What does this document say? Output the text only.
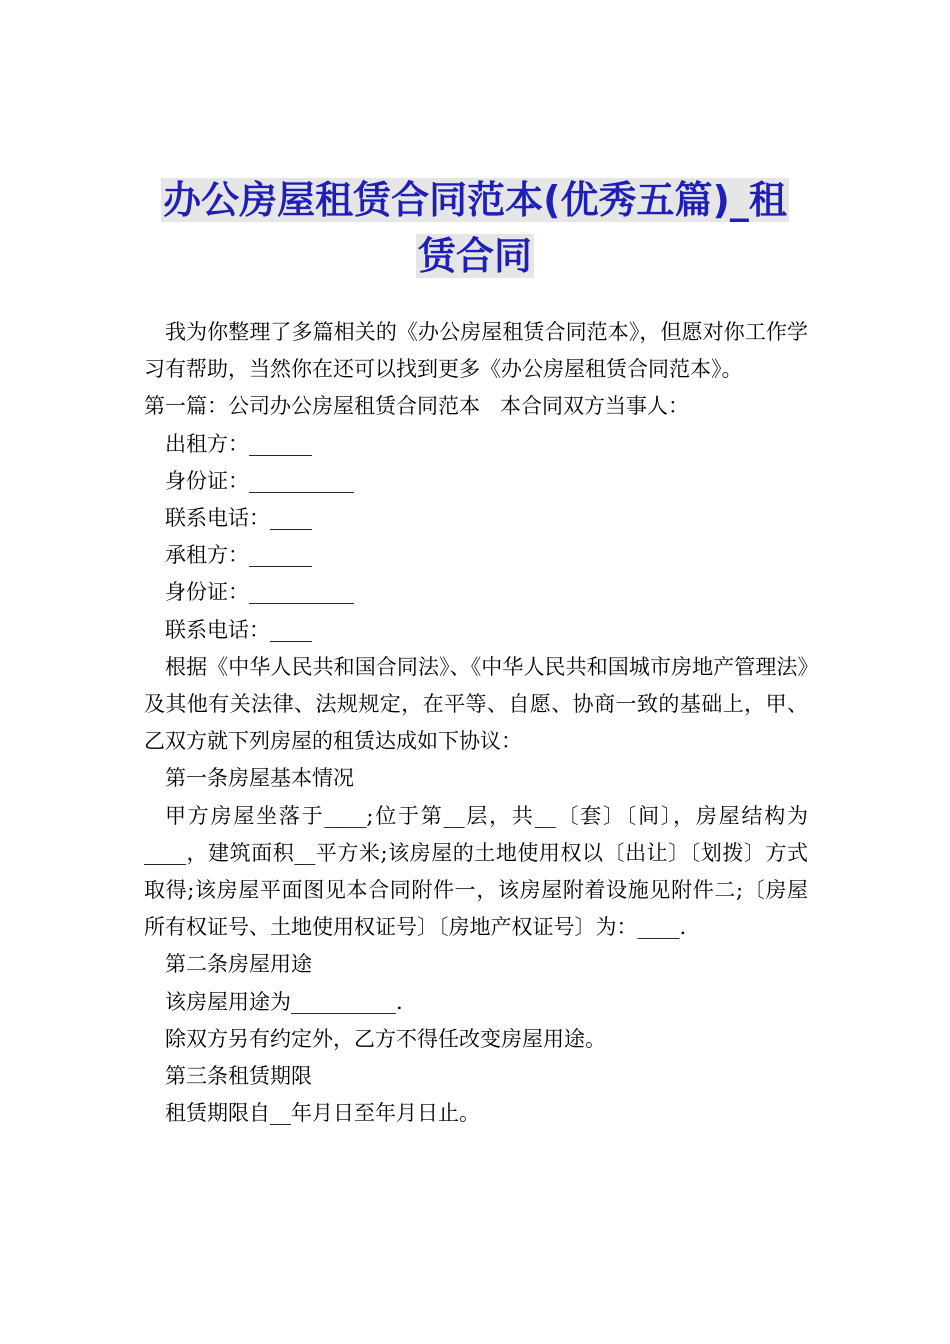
办公房屋租赁合同范本(优秀五篇)_租
赁合同

我为你整理了多篇相关的《办公房屋租赁合同范本》，但愿对你工作学习有帮助，当然你在还可以找到更多《办公房屋租赁合同范本》。

第一篇：公司办公房屋租赁合同范本   本合同双方当事人：

出租方：______

身份证：__________

联系电话：____

承租方：______

身份证：__________

联系电话：____

根据《中华人民共和国合同法》、《中华人民共和国城市房地产管理法》及其他有关法律、法规规定，在平等、自愿、协商一致的基础上，甲、乙双方就下列房屋的租赁达成如下协议：

第一条房屋基本情况

甲方房屋坐落于____;位于第__层，共__〔套〕〔间〕，房屋结构为____，建筑面积__平方米;该房屋的土地使用权以〔出让〕〔划拨〕方式取得;该房屋平面图见本合同附件一，该房屋附着设施见附件二;〔房屋所有权证号、土地使用权证号〕〔房地产权证号〕为：____.

第二条房屋用途

该房屋用途为__________.

除双方另有约定外，乙方不得任改变房屋用途。

第三条租赁期限

租赁期限自__年月日至年月日止。
